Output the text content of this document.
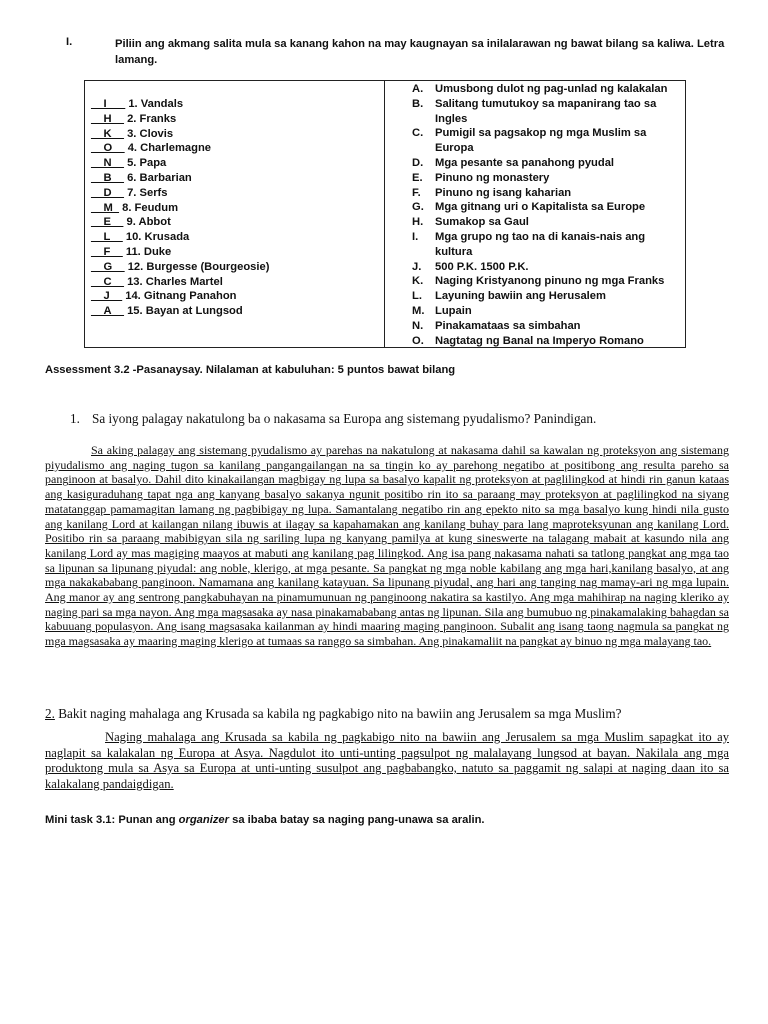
I.	Piliin ang akmang salita mula sa kanang kahon na may kaugnayan sa inilalarawan ng bawat bilang sa kaliwa. Letra lamang.
__I___ 1. Vandals
__H__ 2. Franks
__K__ 3. Clovis
__O__ 4. Charlemagne
__N__ 5. Papa
__B__ 6. Barbarian
__D__ 7. Serfs
__M_ 8. Feudum
__E__ 9. Abbot
__L__ 10. Krusada
__F__ 11. Duke
__G__ 12. Burgesse (Bourgeosie)
__C__ 13. Charles Martel
__J__ 14. Gitnang Panahon
__A__ 15. Bayan at Lungsod
A.	Umusbong dulot ng pag-unlad ng kalakalan
B.	Salitang tumutukoy sa mapanirang tao sa Ingles
C.	Pumigil sa pagsakop ng mga Muslim sa Europa
D.	Mga pesante sa panahong pyudal
E.	Pinuno ng monastery
F.	Pinuno ng isang kaharian
G. Mga gitnang uri o Kapitalista sa Europe
H.	Sumakop sa Gaul
I.	Mga grupo ng tao na di kanais-nais ang kultura
J.	500 P.K. 1500 P.K.
K.	Naging Kristyanong pinuno ng mga Franks
L.	Layuning bawiin ang Herusalem
M. Lupain
N.	Pinakamataas sa simbahan
O. Nagtatag ng Banal na Imperyo Romano
Assessment 3.2 -Pasanaysay. Nilalaman at kabuluhan: 5 puntos bawat bilang
1. Sa iyong palagay nakatulong ba o nakasama sa Europa ang sistemang pyudalismo? Panindigan.
Sa aking palagay ang sistemang pyudalismo ay parehas na nakatulong at nakasama dahil sa kawalan ng proteksyon ang sistemang piyudalismo ang naging tugon sa kanilang pangangailangan na sa tingin ko ay parehong negatibo at positibong ang resulta pareho sa panginoon at basalyo. Dahil dito kinakailangan magbigay ng lupa sa basalyo kapalit ng proteksyon at paglilingkod at hindi rin ganun kataas ang kasiguraduhang tapat nga ang kanyang basalyo sakanya ngunit positibo rin ito sa paraang may proteksyon at paglilingkod na siyang matatanggap pamamagitan lamang ng pagbibigay ng lupa. Samantalang negatibo rin ang epekto nito sa mga basalyo kung hindi nila gusto ang kanilang Lord at kailangan nilang ibuwis at ilagay sa kapahamakan ang kanilang buhay para lang maproteksyunan ang kanilang Lord. Positibo rin sa paraang mabibigyan sila ng sariling lupa ng kanyang pamilya at kung sineswerte na talagang mabait at kasundo nila ang kanilang Lord ay mas magiging maayos at mabuti ang kanilang pag lilingkod. Ang isa pang nakasama nahati sa tatlong pangkat ang mga tao sa lipunan sa lipunang piyudal: ang noble, klerigo, at mga pesante. Sa pangkat ng mga noble kabilang ang mga hari,kanilang basalyo, at ang mga nakakababang panginoon. Namamana ang kanilang katayuan. Sa lipunang piyudal, ang hari ang tanging nag mamay-ari ng mga lupain. Ang manor ay ang sentrong pangkabuhayan na pinamumunuan ng panginoong nakatira sa kastilyo. Ang mga mahihirap na naging kleriko ay naging pari sa mga nayon. Ang mga magsasaka ay nasa pinakamababang antas ng lipunan. Sila ang bumubuo ng pinakamalaking bahagdan sa kabuuang populasyon. Ang isang magsasaka kailanman ay hindi maaring maging panginoon. Subalit ang isang taong nagmula sa pangkat ng mga magsasaka ay maaring maging klerigo at tumaas sa ranggo sa simbahan. Ang pinakamaliit na pangkat ay binuo ng mga malayang tao.
2. Bakit naging mahalaga ang Krusada sa kabila ng pagkabigo nito na bawiin ang Jerusalem sa mga Muslim?
Naging mahalaga ang Krusada sa kabila ng pagkabigo nito na bawiin ang Jerusalem sa mga Muslim sapagkat ito ay naglapit sa kalakalan ng Europa at Asya. Nagdulot ito unti-unting pagsulpot ng malalayang lungsod at bayan. Nakilala ang mga produktong mula sa Asya sa Europa at unti-unting susulpot ang pagbabangko, natuto sa paggamit ng salapi at naging daan ito sa kalakalang pandaigdigan.
Mini task 3.1: Punan ang organizer sa ibaba batay sa naging pang-unawa sa aralin.
